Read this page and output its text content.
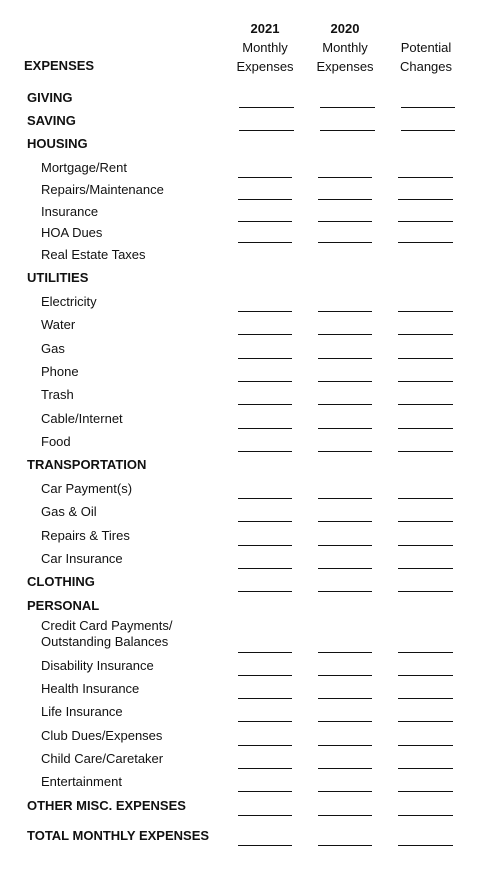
2021
Monthly
Expenses
2020
Monthly
Expenses
Potential
Changes
EXPENSES
GIVING
SAVING
HOUSING
Mortgage/Rent
Repairs/Maintenance
Insurance
HOA Dues
Real Estate Taxes
UTILITIES
Electricity
Water
Gas
Phone
Trash
Cable/Internet
Food
TRANSPORTATION
Car Payment(s)
Gas & Oil
Repairs & Tires
Car Insurance
CLOTHING
PERSONAL
Credit Card Payments/
Outstanding Balances
Disability Insurance
Health Insurance
Life Insurance
Club Dues/Expenses
Child Care/Caretaker
Entertainment
OTHER MISC. EXPENSES
TOTAL MONTHLY EXPENSES
